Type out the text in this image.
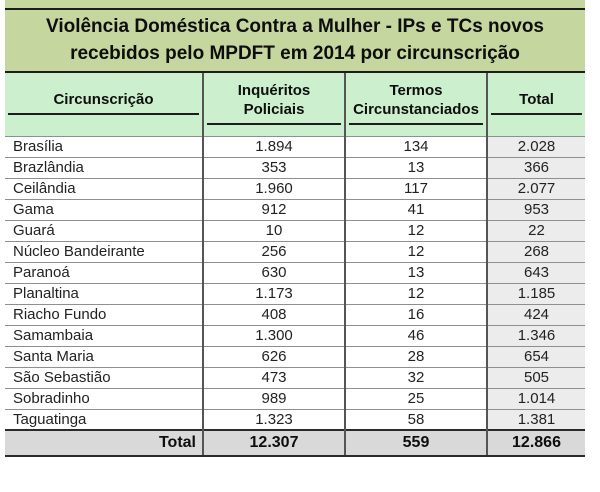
Violência Doméstica Contra a Mulher - IPs e TCs novos
recebidos pelo MPDFT em 2014 por circunscrição
Circunscrição	Inquéritos Policiais	Termos Circunstanciados	Total

Brasília	1.894	134	2.028
Brazlândia	353	13	366
Ceilândia	1.960	117	2.077
Gama	912	41	953
Guará	10	12	22
Núcleo Bandeirante	256	12	268
Paranoá	630	13	643
Planaltina	1.173	12	1.185
Riacho Fundo	408	16	424
Samambaia	1.300	46	1.346
Santa Maria	626	28	654
São Sebastião	473	32	505
Sobradinho	989	25	1.014
Taguatinga	1.323	58	1.381
Total	12.307	559	12.866
